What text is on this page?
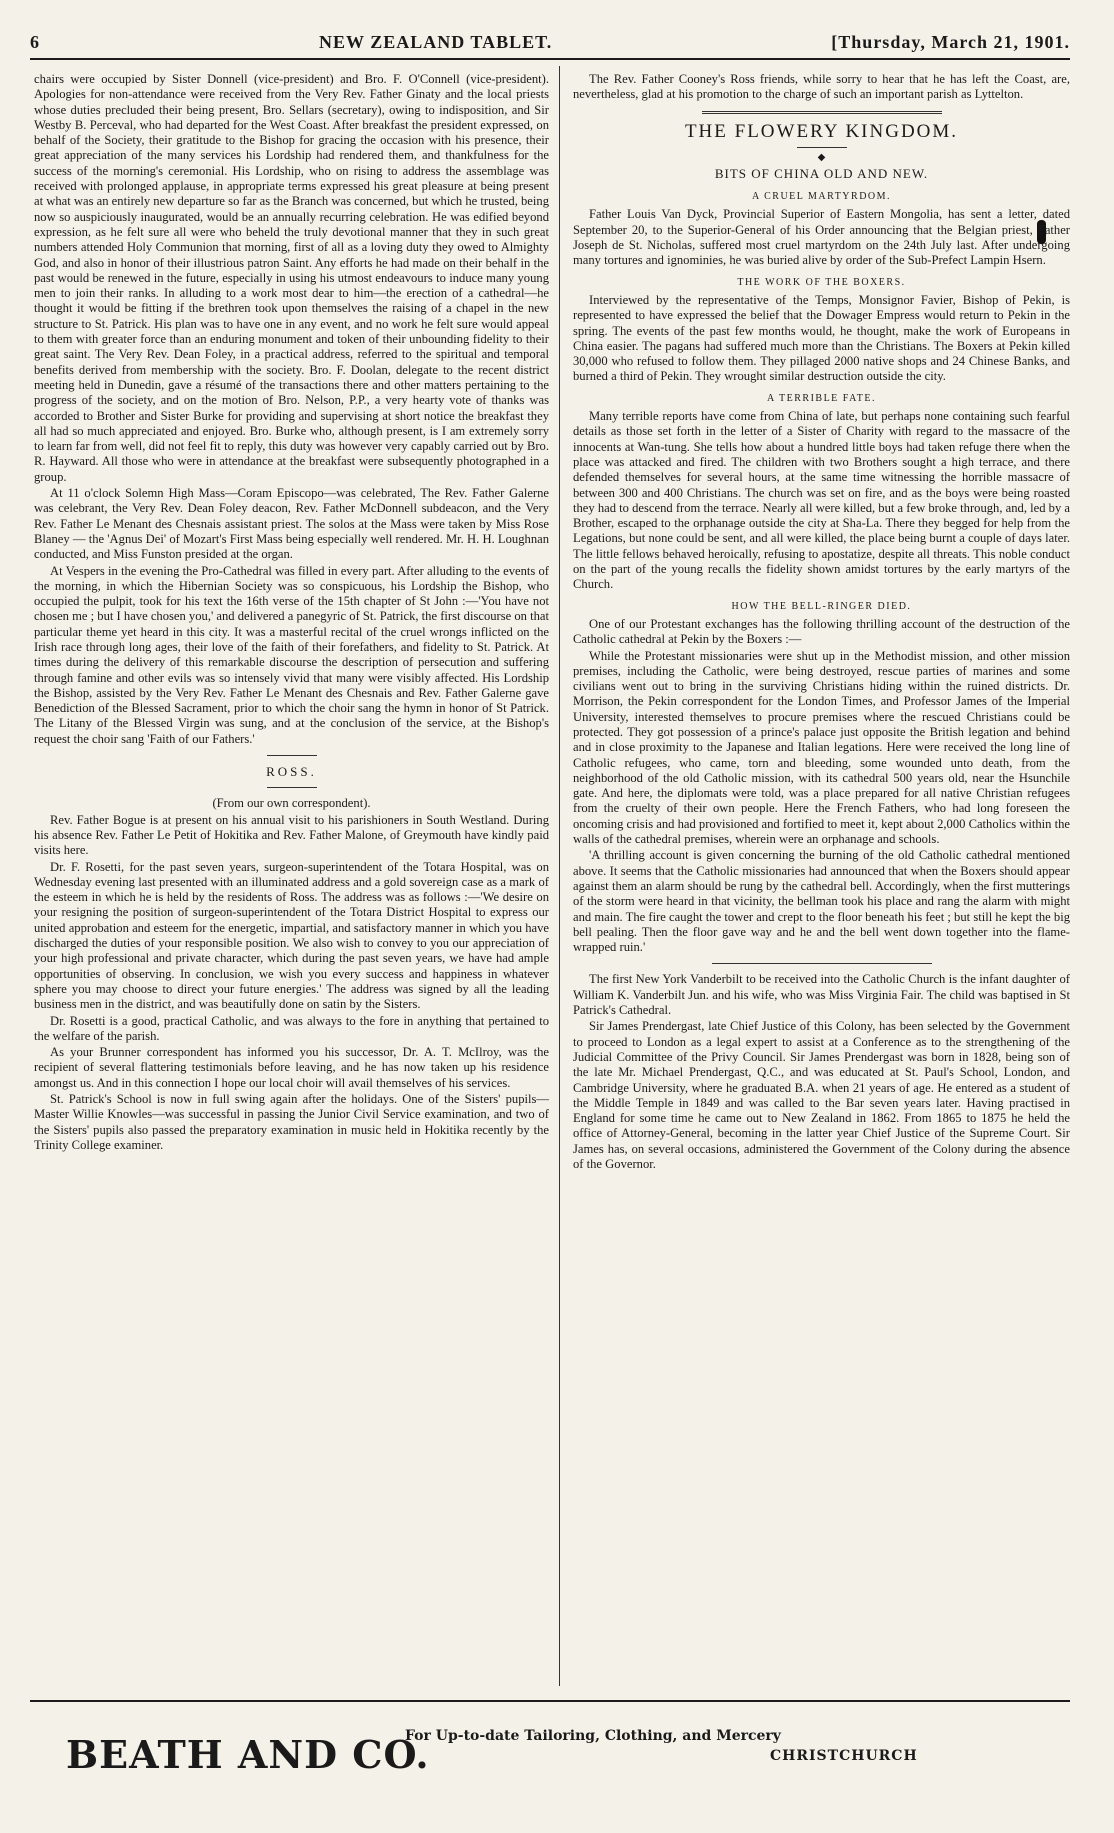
6	NEW ZEALAND TABLET.	[Thursday, March 21, 1901.

chairs were occupied by Sister Donnell (vice-president) and Bro. F. O'Connell (vice-president). Apologies for non-attendance were received from the Very Rev. Father Ginaty and the local priests whose duties precluded their being present, Bro. Sellars (secretary), owing to indisposition, and Sir Westby B. Perceval, who had departed for the West Coast. After breakfast the president expressed, on behalf of the Society, their gratitude to the Bishop for gracing the occasion with his presence, their great appreciation of the many services his Lordship had rendered them, and thankfulness for the success of the morning's ceremonial. His Lordship, who on rising to address the assemblage was received with prolonged applause, in appropriate terms expressed his great pleasure at being present at what was an entirely new departure so far as the Branch was concerned, but which he trusted, being now so auspiciously inaugurated, would be an annually recurring celebration. He was edified beyond expression, as he felt sure all were who beheld the truly devotional manner that they in such great numbers attended Holy Communion that morning, first of all as a loving duty they owed to Almighty God, and also in honor of their illustrious patron Saint. Any efforts he had made on their behalf in the past would be renewed in the future, especially in using his utmost endeavours to induce many young men to join their ranks. In alluding to a work most dear to him—the erection of a cathedral—he thought it would be fitting if the brethren took upon themselves the raising of a chapel in the new structure to St. Patrick. His plan was to have one in any event, and no work he felt sure would appeal to them with greater force than an enduring monument and token of their unbounding fidelity to their great saint. The Very Rev. Dean Foley, in a practical address, referred to the spiritual and temporal benefits derived from membership with the society. Bro. F. Doolan, delegate to the recent district meeting held in Dunedin, gave a résumé of the transactions there and other matters pertaining to the progress of the society, and on the motion of Bro. Nelson, P.P., a very hearty vote of thanks was accorded to Brother and Sister Burke for providing and supervising at short notice the breakfast they all had so much appreciated and enjoyed. Bro. Burke who, although present, is I am extremely sorry to learn far from well, did not feel fit to reply, this duty was however very capably carried out by Bro. R. Hayward. All those who were in attendance at the breakfast were subsequently photographed in a group.

At 11 o'clock Solemn High Mass—Coram Episcopo—was celebrated, The Rev. Father Galerne was celebrant, the Very Rev. Dean Foley deacon, Rev. Father McDonnell subdeacon, and the Very Rev. Father Le Menant des Chesnais assistant priest. The solos at the Mass were taken by Miss Rose Blaney — the 'Agnus Dei' of Mozart's First Mass being especially well rendered. Mr. H. H. Loughnan conducted, and Miss Funston presided at the organ.

At Vespers in the evening the Pro-Cathedral was filled in every part. After alluding to the events of the morning, in which the Hibernian Society was so conspicuous, his Lordship the Bishop, who occupied the pulpit, took for his text the 16th verse of the 15th chapter of St John :—'You have not chosen me ; but I have chosen you,' and delivered a panegyric of St. Patrick, the first discourse on that particular theme yet heard in this city. It was a masterful recital of the cruel wrongs inflicted on the Irish race through long ages, their love of the faith of their forefathers, and fidelity to St. Patrick. At times during the delivery of this remarkable discourse the description of persecution and suffering through famine and other evils was so intensely vivid that many were visibly affected. His Lordship the Bishop, assisted by the Very Rev. Father Le Menant des Chesnais and Rev. Father Galerne gave Benediction of the Blessed Sacrament, prior to which the choir sang the hymn in honor of St Patrick. The Litany of the Blessed Virgin was sung, and at the conclusion of the service, at the Bishop's request the choir sang 'Faith of our Fathers.'

ROSS.

(From our own correspondent).

Rev. Father Bogue is at present on his annual visit to his parishioners in South Westland. During his absence Rev. Father Le Petit of Hokitika and Rev. Father Malone, of Greymouth have kindly paid visits here.

Dr. F. Rosetti, for the past seven years, surgeon-superintendent of the Totara Hospital, was on Wednesday evening last presented with an illuminated address and a gold sovereign case as a mark of the esteem in which he is held by the residents of Ross. The address was as follows :—'We desire on your resigning the position of surgeon-superintendent of the Totara District Hospital to express our united approbation and esteem for the energetic, impartial, and satisfactory manner in which you have discharged the duties of your responsible position. We also wish to convey to you our appreciation of your high professional and private character, which during the past seven years, we have had ample opportunities of observing. In conclusion, we wish you every success and happiness in whatever sphere you may choose to direct your future energies.' The address was signed by all the leading business men in the district, and was beautifully done on satin by the Sisters.

Dr. Rosetti is a good, practical Catholic, and was always to the fore in anything that pertained to the welfare of the parish.

As your Brunner correspondent has informed you his successor, Dr. A. T. McIlroy, was the recipient of several flattering testimonials before leaving, and he has now taken up his residence amongst us. And in this connection I hope our local choir will avail themselves of his services.

St. Patrick's School is now in full swing again after the holidays. One of the Sisters' pupils—Master Willie Knowles—was successful in passing the Junior Civil Service examination, and two of the Sisters' pupils also passed the preparatory examination in music held in Hokitika recently by the Trinity College examiner.

The Rev. Father Cooney's Ross friends, while sorry to hear that he has left the Coast, are, nevertheless, glad at his promotion to the charge of such an important parish as Lyttelton.

THE FLOWERY KINGDOM.
◆
BITS OF CHINA OLD AND NEW.
A CRUEL MARTYRDOM.

Father Louis Van Dyck, Provincial Superior of Eastern Mongolia, has sent a letter, dated September 20, to the Superior-General of his Order announcing that the Belgian priest, Father Joseph de St. Nicholas, suffered most cruel martyrdom on the 24th July last. After undergoing many tortures and ignominies, he was buried alive by order of the Sub-Prefect Lampin Hsern.

THE WORK OF THE BOXERS.

Interviewed by the representative of the Temps, Monsignor Favier, Bishop of Pekin, is represented to have expressed the belief that the Dowager Empress would return to Pekin in the spring. The events of the past few months would, he thought, make the work of Europeans in China easier. The pagans had suffered much more than the Christians. The Boxers at Pekin killed 30,000 who refused to follow them. They pillaged 2000 native shops and 24 Chinese Banks, and burned a third of Pekin. They wrought similar destruction outside the city.

A TERRIBLE FATE.

Many terrible reports have come from China of late, but perhaps none containing such fearful details as those set forth in the letter of a Sister of Charity with regard to the massacre of the innocents at Wan-tung. She tells how about a hundred little boys had taken refuge there when the place was attacked and fired. The children with two Brothers sought a high terrace, and there defended themselves for several hours, at the same time witnessing the horrible massacre of between 300 and 400 Christians. The church was set on fire, and as the boys were being roasted they had to descend from the terrace. Nearly all were killed, but a few broke through, and, led by a Brother, escaped to the orphanage outside the city at Sha-La. There they begged for help from the Legations, but none could be sent, and all were killed, the place being burnt a couple of days later. The little fellows behaved heroically, refusing to apostatize, despite all threats. This noble conduct on the part of the young recalls the fidelity shown amidst tortures by the early martyrs of the Church.

HOW THE BELL-RINGER DIED.

One of our Protestant exchanges has the following thrilling account of the destruction of the Catholic cathedral at Pekin by the Boxers :—

While the Protestant missionaries were shut up in the Methodist mission, and other mission premises, including the Catholic, were being destroyed, rescue parties of marines and some civilians went out to bring in the surviving Christians hiding within the ruined districts. Dr. Morrison, the Pekin correspondent for the London Times, and Professor James of the Imperial University, interested themselves to procure premises where the rescued Christians could be protected. They got possession of a prince's palace just opposite the British legation and behind and in close proximity to the Japanese and Italian legations. Here were received the long line of Catholic refugees, who came, torn and bleeding, some wounded unto death, from the neighborhood of the old Catholic mission, with its cathedral 500 years old, near the Hsunchile gate. And here, the diplomats were told, was a place prepared for all native Christian refugees from the cruelty of their own people. Here the French Fathers, who had long foreseen the oncoming crisis and had provisioned and fortified to meet it, kept about 2,000 Catholics within the walls of the cathedral premises, wherein were an orphanage and schools.

'A thrilling account is given concerning the burning of the old Catholic cathedral mentioned above. It seems that the Catholic missionaries had announced that when the Boxers should appear against them an alarm should be rung by the cathedral bell. Accordingly, when the first mutterings of the storm were heard in that vicinity, the bellman took his place and rang the alarm with might and main. The fire caught the tower and crept to the floor beneath his feet ; but still he kept the big bell pealing. Then the floor gave way and he and the bell went down together into the flame-wrapped ruin.'

The first New York Vanderbilt to be received into the Catholic Church is the infant daughter of William K. Vanderbilt Jun. and his wife, who was Miss Virginia Fair. The child was baptised in St Patrick's Cathedral.

Sir James Prendergast, late Chief Justice of this Colony, has been selected by the Government to proceed to London as a legal expert to assist at a Conference as to the strengthening of the Judicial Committee of the Privy Council. Sir James Prendergast was born in 1828, being son of the late Mr. Michael Prendergast, Q.C., and was educated at St. Paul's School, London, and Cambridge University, where he graduated B.A. when 21 years of age. He entered as a student of the Middle Temple in 1849 and was called to the Bar seven years later. Having practised in England for some time he came out to New Zealand in 1862. From 1865 to 1875 he held the office of Attorney-General, becoming in the latter year Chief Justice of the Supreme Court. Sir James has, on several occasions, administered the Government of the Colony during the absence of the Governor.

BEATH AND CO.
For Up-to-date Tailoring, Clothing, and Mercery
CHRISTCHURCH
